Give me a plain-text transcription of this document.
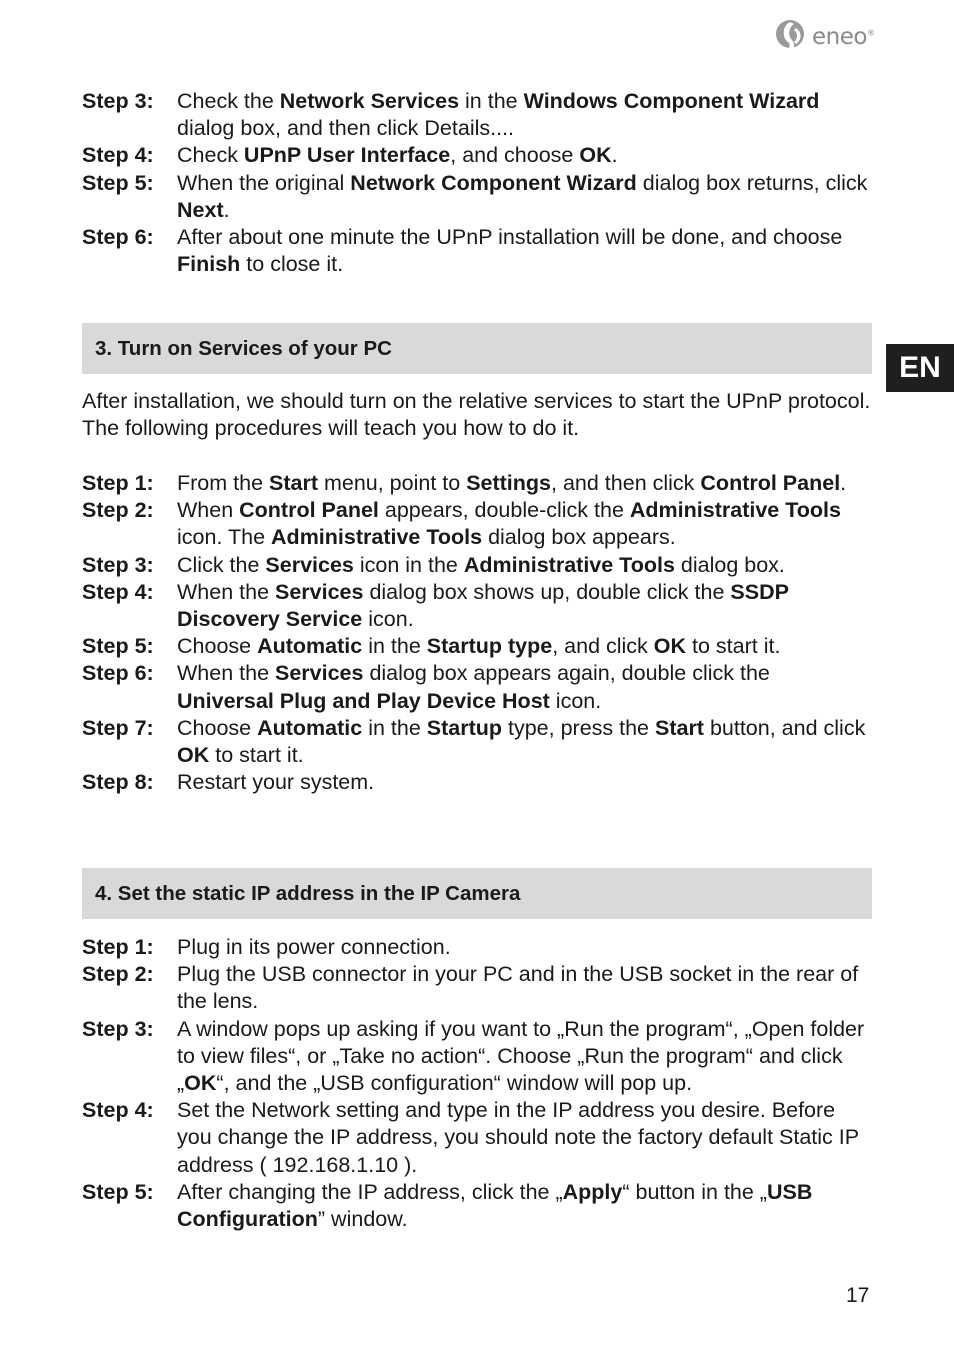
eneo®
EN
Step 3:	Check the Network Services in the Windows Component Wizard dialog box, and then click Details....
Step 4:	Check UPnP User Interface, and choose OK.
Step 5:	When the original Network Component Wizard dialog box returns, click Next.
Step 6:	After about one minute the UPnP installation will be done, and choose Finish to close it.
3. Turn on Services of your PC

After installation, we should turn on the relative services to start the UPnP protocol. The following procedures will teach you how to do it.

Step 1:	From the Start menu, point to Settings, and then click Control Panel.
Step 2:	When Control Panel appears, double-click the Administrative Tools icon. The Administrative Tools dialog box appears.
Step 3:	Click the Services icon in the Administrative Tools dialog box.
Step 4:	When the Services dialog box shows up, double click the SSDP Discovery Service icon.
Step 5:	Choose Automatic in the Startup type, and click OK to start it.
Step 6:	When the Services dialog box appears again, double click the Universal Plug and Play Device Host icon.
Step 7:	Choose Automatic in the Startup type, press the Start button, and click OK to start it.
Step 8:	Restart your system.
4. Set the static IP address in the IP Camera
Step 1:	Plug in its power connection.
Step 2:	Plug the USB connector in your PC and in the USB socket in the rear of the lens.
Step 3:	A window pops up asking if you want to „Run the program“, „Open folder to view files“, or „Take no action“. Choose „Run the program“ and click „OK“, and the „USB configuration“ window will pop up.
Step 4:	Set the Network setting and type in the IP address you desire. Before you change the IP address, you should note the factory default Static IP address ( 192.168.1.10 ).
Step 5:	After changing the IP address, click the „Apply“ button in the „USB Configuration” window.
17
